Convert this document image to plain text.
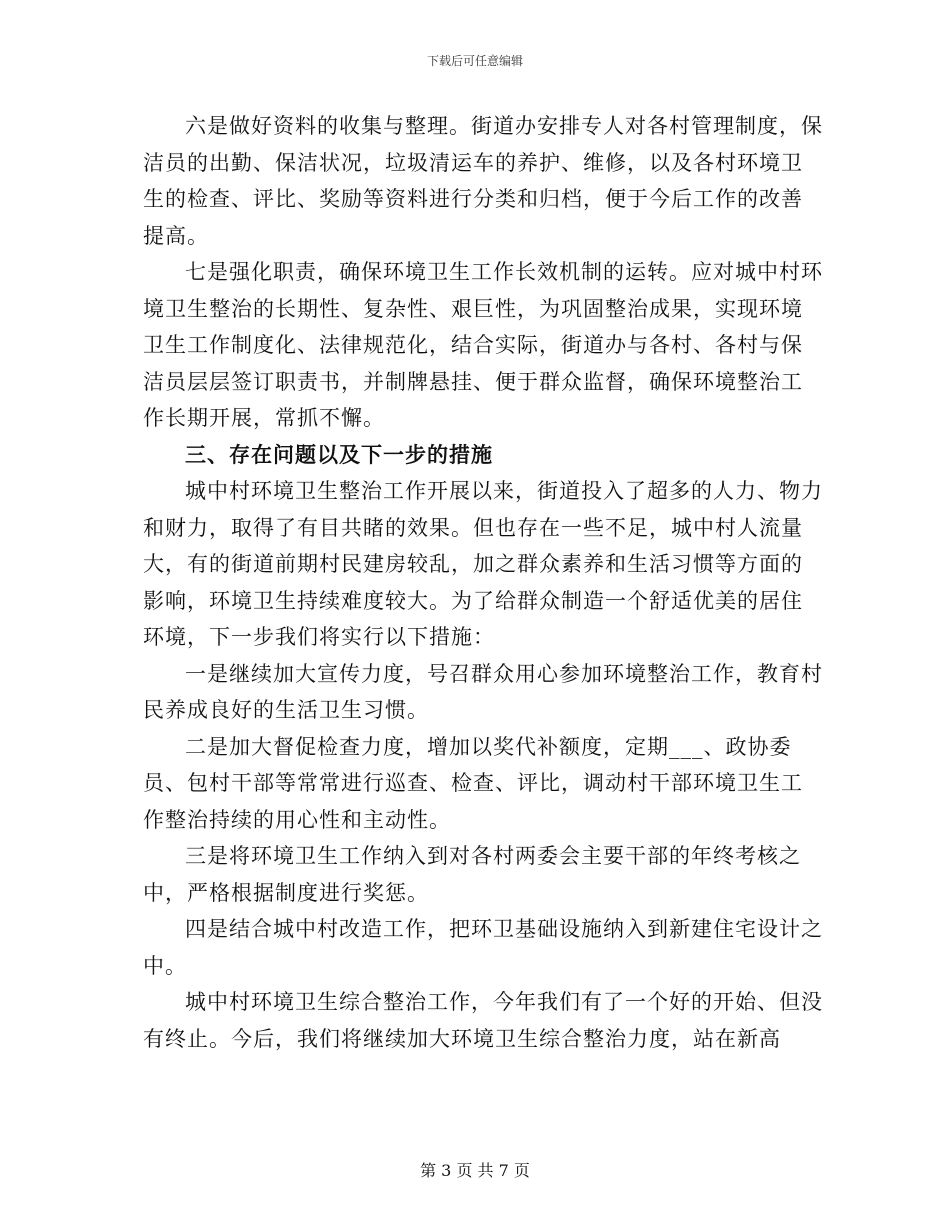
下载后可任意编辑

六是做好资料的收集与整理。街道办安排专人对各村管理制度，保洁员的出勤、保洁状况，垃圾清运车的养护、维修，以及各村环境卫生的检查、评比、奖励等资料进行分类和归档，便于今后工作的改善提高。

七是强化职责，确保环境卫生工作长效机制的运转。应对城中村环境卫生整治的长期性、复杂性、艰巨性，为巩固整治成果，实现环境卫生工作制度化、法律规范化，结合实际，街道办与各村、各村与保洁员层层签订职责书，并制牌悬挂、便于群众监督，确保环境整治工作长期开展，常抓不懈。

三、存在问题以及下一步的措施

城中村环境卫生整治工作开展以来，街道投入了超多的人力、物力和财力，取得了有目共睹的效果。但也存在一些不足，城中村人流量大，有的街道前期村民建房较乱，加之群众素养和生活习惯等方面的影响，环境卫生持续难度较大。为了给群众制造一个舒适优美的居住环境，下一步我们将实行以下措施：

一是继续加大宣传力度，号召群众用心参加环境整治工作，教育村民养成良好的生活卫生习惯。

二是加大督促检查力度，增加以奖代补额度，定期___、政协委员、包村干部等常常进行巡查、检查、评比，调动村干部环境卫生工作整治持续的用心性和主动性。

三是将环境卫生工作纳入到对各村两委会主要干部的年终考核之中，严格根据制度进行奖惩。

四是结合城中村改造工作，把环卫基础设施纳入到新建住宅设计之中。

城中村环境卫生综合整治工作，今年我们有了一个好的开始、但没有终止。今后，我们将继续加大环境卫生综合整治力度，站在新高

第 3 页 共 7 页
